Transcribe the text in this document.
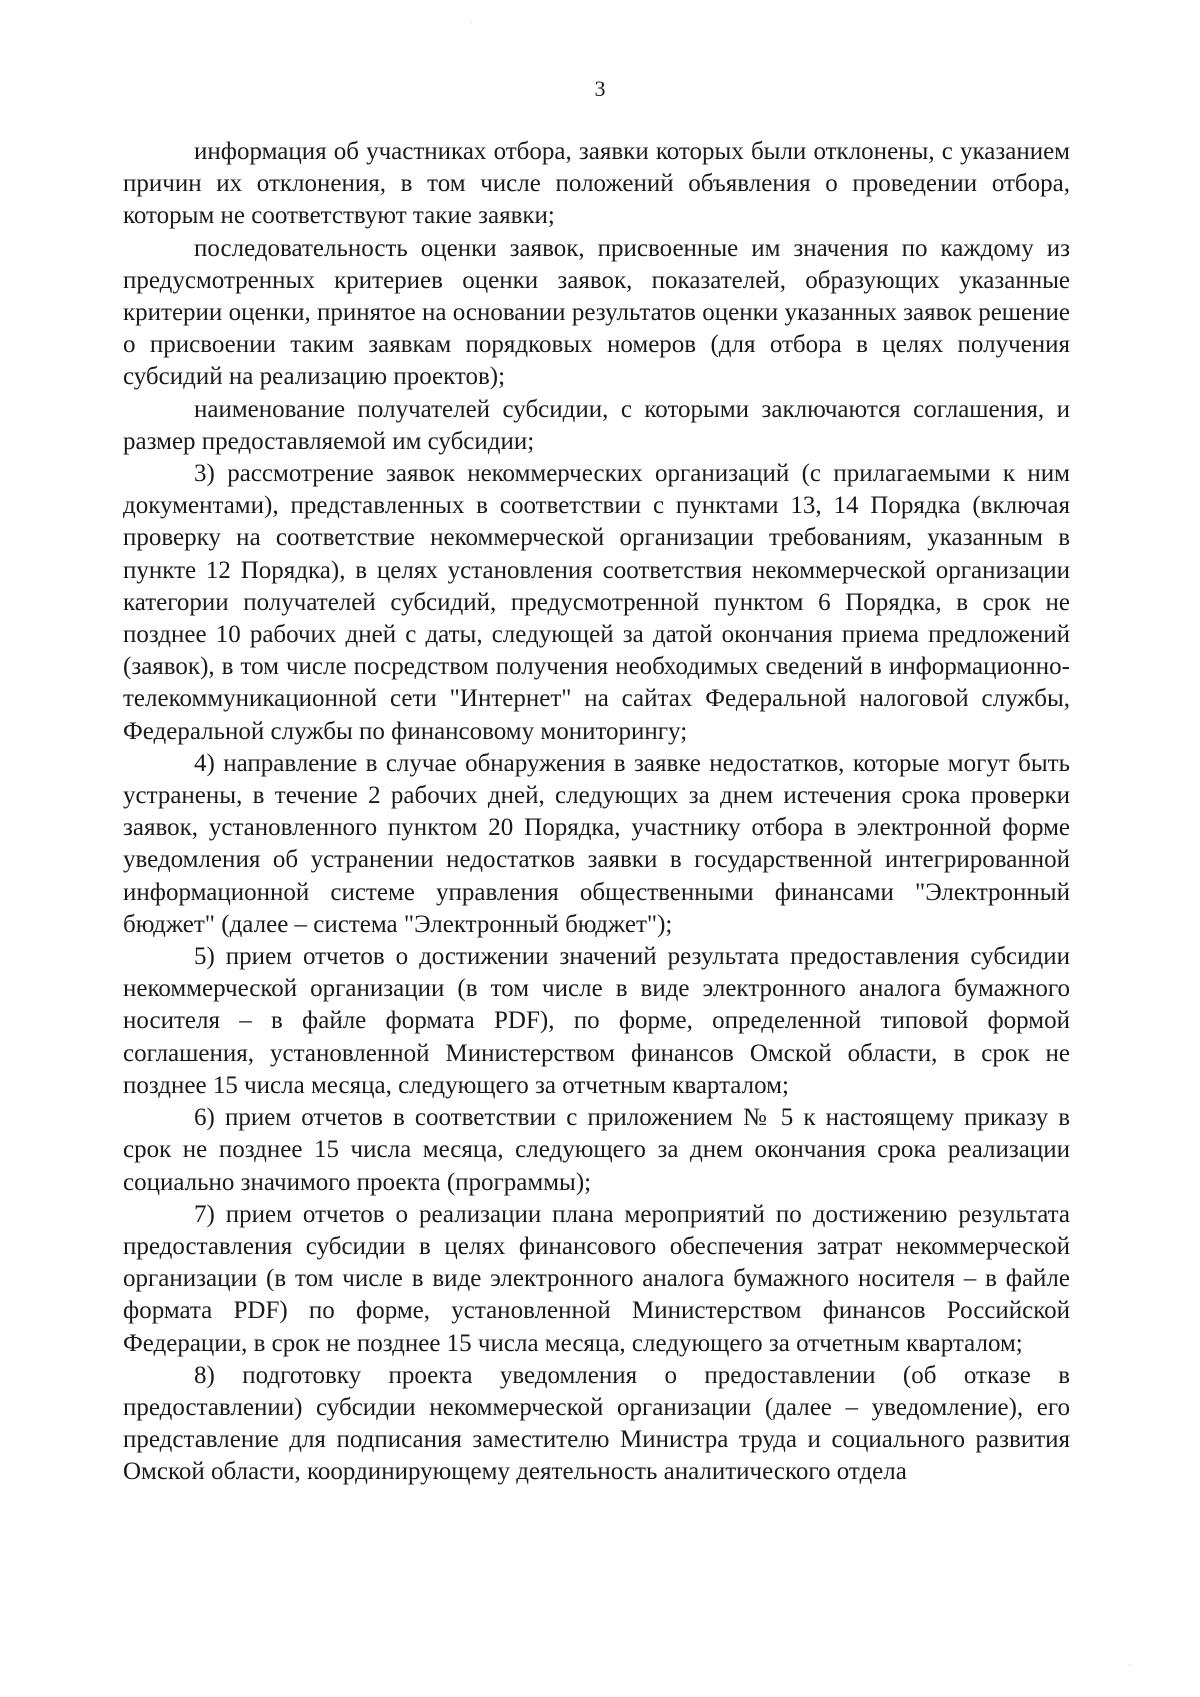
3

информация об участниках отбора, заявки которых были отклонены, с указанием причин их отклонения, в том числе положений объявления о проведении отбора, которым не соответствуют такие заявки;

последовательность оценки заявок, присвоенные им значения по каждому из предусмотренных критериев оценки заявок, показателей, образующих указанные критерии оценки, принятое на основании результатов оценки указанных заявок решение о присвоении таким заявкам порядковых номеров (для отбора в целях получения субсидий на реализацию проектов);

наименование получателей субсидии, с которыми заключаются соглашения, и размер предоставляемой им субсидии;

3) рассмотрение заявок некоммерческих организаций (с прилагаемыми к ним документами), представленных в соответствии с пунктами 13, 14 Порядка (включая проверку на соответствие некоммерческой организации требованиям, указанным в пункте 12 Порядка), в целях установления соответствия некоммерческой организации категории получателей субсидий, предусмотренной пунктом 6 Порядка, в срок не позднее 10 рабочих дней с даты, следующей за датой окончания приема предложений (заявок), в том числе посредством получения необходимых сведений в информационно-телекоммуникационной сети "Интернет" на сайтах Федеральной налоговой службы, Федеральной службы по финансовому мониторингу;

4) направление в случае обнаружения в заявке недостатков, которые могут быть устранены, в течение 2 рабочих дней, следующих за днем истечения срока проверки заявок, установленного пунктом 20 Порядка, участнику отбора в электронной форме уведомления об устранении недостатков заявки в государственной интегрированной информационной системе управления общественными финансами "Электронный бюджет" (далее – система "Электронный бюджет");

5) прием отчетов о достижении значений результата предоставления субсидии некоммерческой организации (в том числе в виде электронного аналога бумажного носителя – в файле формата PDF), по форме, определенной типовой формой соглашения, установленной Министерством финансов Омской области, в срок не позднее 15 числа месяца, следующего за отчетным кварталом;

6) прием отчетов в соответствии с приложением № 5 к настоящему приказу в срок не позднее 15 числа месяца, следующего за днем окончания срока реализации социально значимого проекта (программы);

7) прием отчетов о реализации плана мероприятий по достижению результата предоставления субсидии в целях финансового обеспечения затрат некоммерческой организации (в том числе в виде электронного аналога бумажного носителя – в файле формата PDF) по форме, установленной Министерством финансов Российской Федерации, в срок не позднее 15 числа месяца, следующего за отчетным кварталом;

8) подготовку проекта уведомления о предоставлении (об отказе в предоставлении) субсидии некоммерческой организации (далее – уведомление), его представление для подписания заместителю Министра труда и социального развития Омской области, координирующему деятельность аналитического отдела

·
·
